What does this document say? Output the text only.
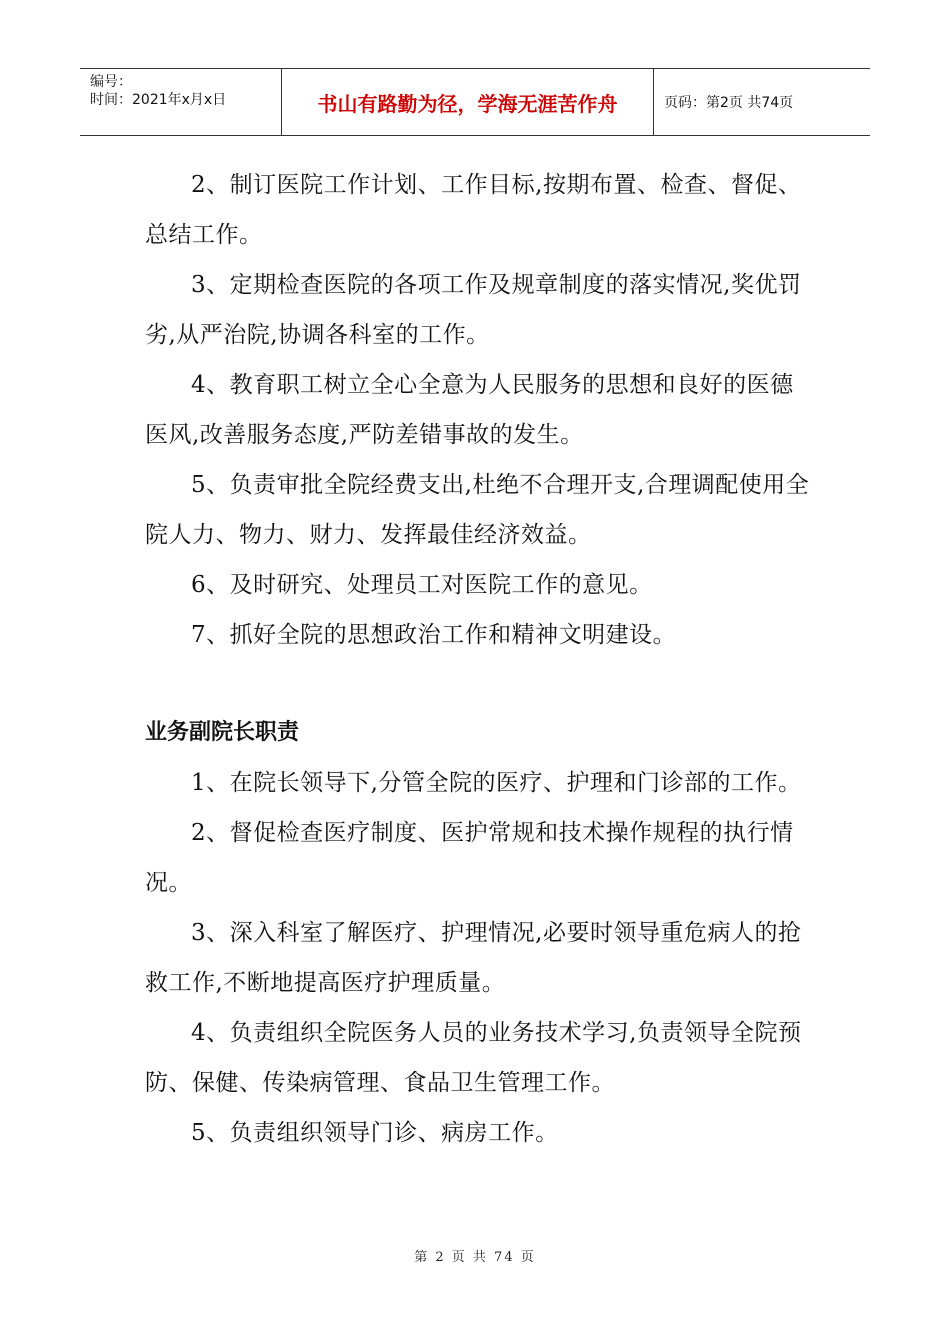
编号：
时间：2021年x月x日	书山有路勤为径，学海无涯苦作舟	页码：第2页 共74页

2、制订医院工作计划、工作目标,按期布置、检查、督促、总结工作。

3、定期检查医院的各项工作及规章制度的落实情况,奖优罚劣,从严治院,协调各科室的工作。

4、教育职工树立全心全意为人民服务的思想和良好的医德医风,改善服务态度,严防差错事故的发生。

5、负责审批全院经费支出,杜绝不合理开支,合理调配使用全院人力、物力、财力、发挥最佳经济效益。

6、及时研究、处理员工对医院工作的意见。

7、抓好全院的思想政治工作和精神文明建设。

业务副院长职责

1、在院长领导下,分管全院的医疗、护理和门诊部的工作。

2、督促检查医疗制度、医护常规和技术操作规程的执行情况。

3、深入科室了解医疗、护理情况,必要时领导重危病人的抢救工作,不断地提高医疗护理质量。

4、负责组织全院医务人员的业务技术学习,负责领导全院预防、保健、传染病管理、食品卫生管理工作。

5、负责组织领导门诊、病房工作。

第 2 页 共 74 页
